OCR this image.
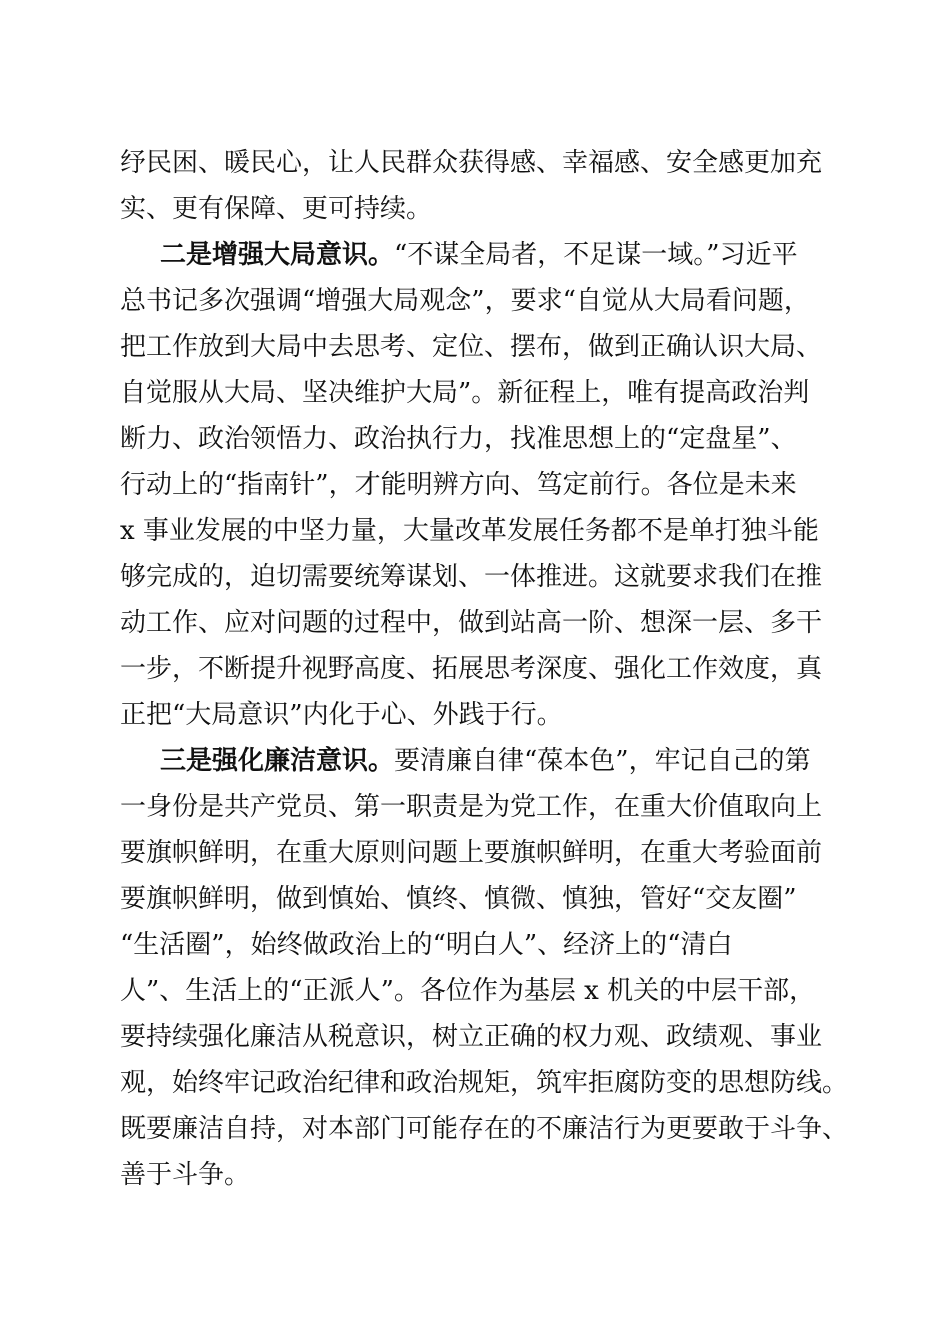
纾民困、暖民心，让人民群众获得感、幸福感、安全感更加充
实、更有保障、更可持续。
二是增强大局意识。“不谋全局者，不足谋一域。”习近平
总书记多次强调“增强大局观念”，要求“自觉从大局看问题，
把工作放到大局中去思考、定位、摆布，做到正确认识大局、
自觉服从大局、坚决维护大局”。新征程上，唯有提高政治判
断力、政治领悟力、政治执行力，找准思想上的“定盘星”、
行动上的“指南针”，才能明辨方向、笃定前行。各位是未来
x 事业发展的中坚力量，大量改革发展任务都不是单打独斗能
够完成的，迫切需要统筹谋划、一体推进。这就要求我们在推
动工作、应对问题的过程中，做到站高一阶、想深一层、多干
一步，不断提升视野高度、拓展思考深度、强化工作效度，真
正把“大局意识”内化于心、外践于行。
三是强化廉洁意识。要清廉自律“葆本色”，牢记自己的第
一身份是共产党员、第一职责是为党工作，在重大价值取向上
要旗帜鲜明，在重大原则问题上要旗帜鲜明，在重大考验面前
要旗帜鲜明，做到慎始、慎终、慎微、慎独，管好“交友圈”
“生活圈”，始终做政治上的“明白人”、经济上的“清白
人”、生活上的“正派人”。各位作为基层 x 机关的中层干部，
要持续强化廉洁从税意识，树立正确的权力观、政绩观、事业
观，始终牢记政治纪律和政治规矩，筑牢拒腐防变的思想防线。
既要廉洁自持，对本部门可能存在的不廉洁行为更要敢于斗争、
善于斗争。
